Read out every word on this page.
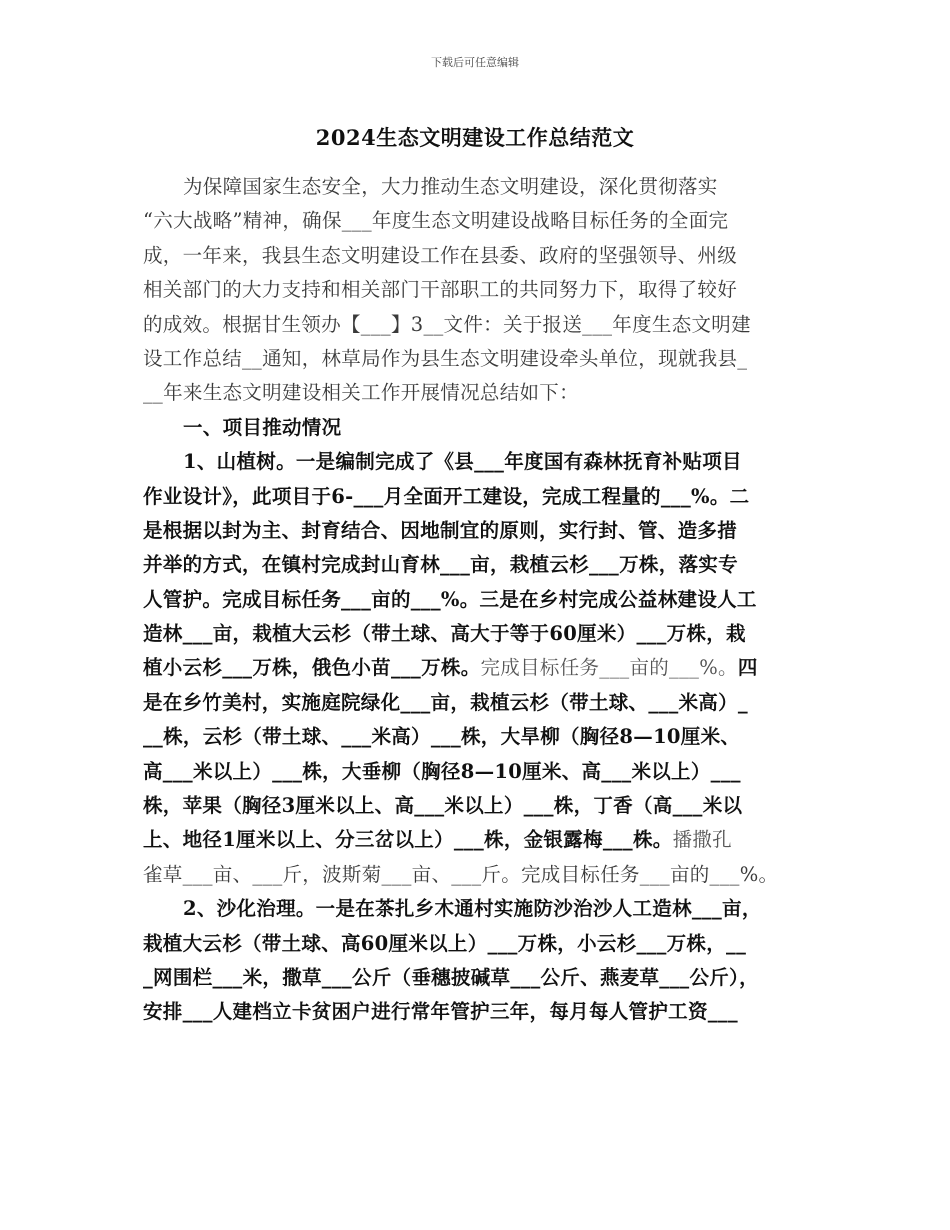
下载后可任意编辑
2024生态文明建设工作总结范文
为保障国家生态安全，大力推动生态文明建设，深化贯彻落实
“六大战略”精神，确保___年度生态文明建设战略目标任务的全面完
成，一年来，我县生态文明建设工作在县委、政府的坚强领导、州级
相关部门的大力支持和相关部门干部职工的共同努力下，取得了较好
的成效。根据甘生领办【___】3__文件：关于报送___年度生态文明建
设工作总结__通知，林草局作为县生态文明建设牵头单位，现就我县_
__年来生态文明建设相关工作开展情况总结如下：
一、项目推动情况
1、山植树。一是编制完成了《县___年度国有森林抚育补贴项目
作业设计》，此项目于6-___月全面开工建设，完成工程量的___%。二
是根据以封为主、封育结合、因地制宜的原则，实行封、管、造多措
并举的方式，在镇村完成封山育林___亩，栽植云杉___万株，落实专
人管护。完成目标任务___亩的___%。三是在乡村完成公益林建设人工
造林___亩，栽植大云杉（带土球、高大于等于60厘米）___万株，栽
植小云杉___万株，俄色小苗___万株。完成目标任务___亩的___%。四
是在乡竹美村，实施庭院绿化___亩，栽植云杉（带土球、___米高）_
__株，云杉（带土球、___米高）___株，大旱柳（胸径8—10厘米、
高___米以上）___株，大垂柳（胸径8—10厘米、高___米以上）___
株，苹果（胸径3厘米以上、高___米以上）___株，丁香（高___米以
上、地径1厘米以上、分三岔以上）___株，金银露梅___株。播撒孔
雀草___亩、___斤，波斯菊___亩、___斤。完成目标任务___亩的___%。
2、沙化治理。一是在茶扎乡木通村实施防沙治沙人工造林___亩，
栽植大云杉（带土球、高60厘米以上）___万株，小云杉___万株，__
_网围栏___米，撒草___公斤（垂穗披碱草___公斤、燕麦草___公斤），
安排___人建档立卡贫困户进行常年管护三年，每月每人管护工资___
